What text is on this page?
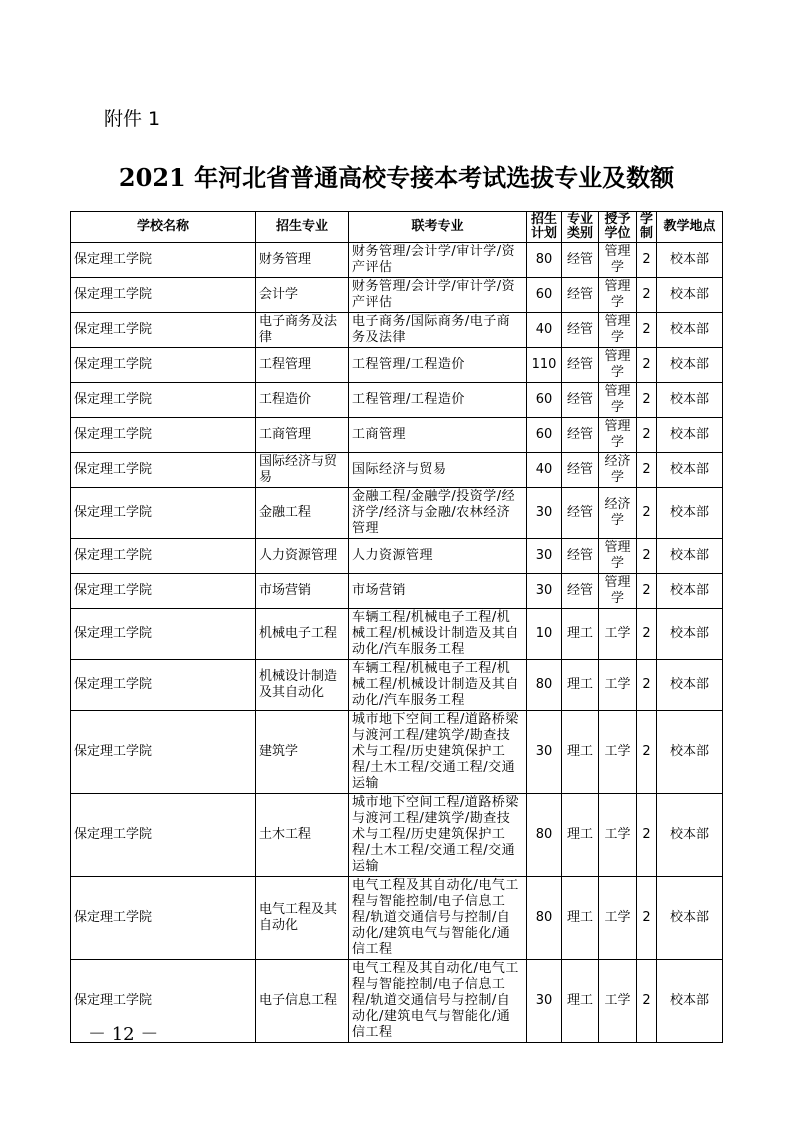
附件 1
2021 年河北省普通高校专接本考试选拔专业及数额
学校名称	招生专业	联考专业	招生计划	专业类别	授予学位	学制	教学地点
保定理工学院	财务管理	财务管理/会计学/审计学/资产评估	80	经管	管理学	2	校本部
保定理工学院	会计学	财务管理/会计学/审计学/资产评估	60	经管	管理学	2	校本部
保定理工学院	电子商务及法律	电子商务/国际商务/电子商务及法律	40	经管	管理学	2	校本部
保定理工学院	工程管理	工程管理/工程造价	110	经管	管理学	2	校本部
保定理工学院	工程造价	工程管理/工程造价	60	经管	管理学	2	校本部
保定理工学院	工商管理	工商管理	60	经管	管理学	2	校本部
保定理工学院	国际经济与贸易	国际经济与贸易	40	经管	经济学	2	校本部
保定理工学院	金融工程	金融工程/金融学/投资学/经济学/经济与金融/农林经济管理	30	经管	经济学	2	校本部
保定理工学院	人力资源管理	人力资源管理	30	经管	管理学	2	校本部
保定理工学院	市场营销	市场营销	30	经管	管理学	2	校本部
保定理工学院	机械电子工程	车辆工程/机械电子工程/机械工程/机械设计制造及其自动化/汽车服务工程	10	理工	工学	2	校本部
保定理工学院	机械设计制造及其自动化	车辆工程/机械电子工程/机械工程/机械设计制造及其自动化/汽车服务工程	80	理工	工学	2	校本部
保定理工学院	建筑学	城市地下空间工程/道路桥梁与渡河工程/建筑学/勘查技术与工程/历史建筑保护工程/土木工程/交通工程/交通运输	30	理工	工学	2	校本部
保定理工学院	土木工程	城市地下空间工程/道路桥梁与渡河工程/建筑学/勘查技术与工程/历史建筑保护工程/土木工程/交通工程/交通运输	80	理工	工学	2	校本部
保定理工学院	电气工程及其自动化	电气工程及其自动化/电气工程与智能控制/电子信息工程/轨道交通信号与控制/自动化/建筑电气与智能化/通信工程	80	理工	工学	2	校本部
保定理工学院	电子信息工程	电气工程及其自动化/电气工程与智能控制/电子信息工程/轨道交通信号与控制/自动化/建筑电气与智能化/通信工程	30	理工	工学	2	校本部
－ 12 －
